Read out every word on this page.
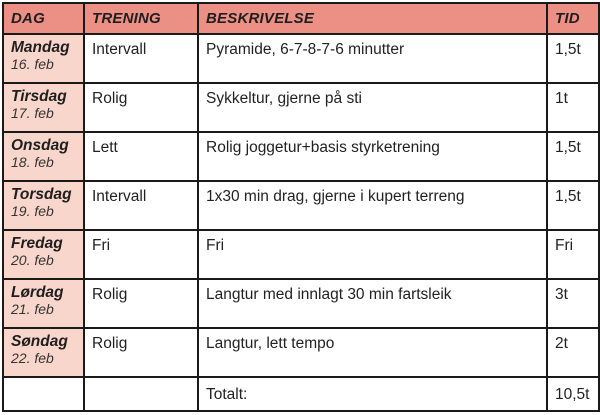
DAG	TRENING	BESKRIVELSE	TID

Mandag
16. feb	Intervall	Pyramide, 6-7-8-7-6 minutter	1,5t

Tirsdag
17. feb	Rolig	Sykkeltur, gjerne på sti	1t

Onsdag
18. feb	Lett	Rolig joggetur+basis styrketrening	1,5t

Torsdag
19. feb	Intervall	1x30 min drag, gjerne i kupert terreng	1,5t

Fredag
20. feb	Fri	Fri	Fri

Lørdag
21. feb	Rolig	Langtur med innlagt 30 min fartsleik	3t

Søndag
22. feb	Rolig	Langtur, lett tempo	2t
		Totalt:	10,5t
